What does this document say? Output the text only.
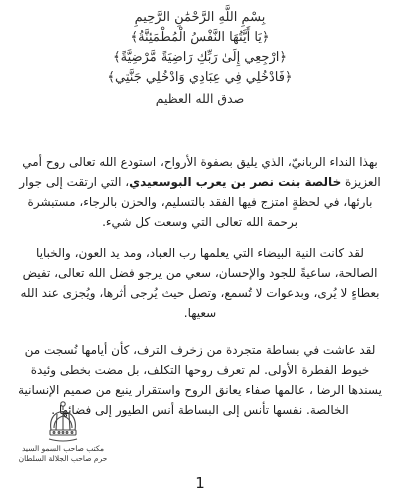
بِسْمِ اللَّهِ الرَّحْمَٰنِ الرَّحِيمِ
﴿يَا أَيَّتُهَا النَّفْسُ الْمُطْمَئِنَّةُ﴾
﴿ارْجِعِي إِلَىٰ رَبِّكِ رَاضِيَةً مَّرْضِيَّةً﴾
﴿فَادْخُلِي فِي عِبَادِي وَادْخُلِي جَنَّتِي﴾
صدق الله العظيم

بهذا النداء الربانيّ، الذي يليق بصفوة الأرواح، استودع الله تعالى روح أمي العزيزة خالصة بنت نصر بن يعرب البوسعيدي، التي ارتقت إلى جوار بارئها، في لحظةٍ امتزج فيها الفقد بالتسليم، والحزن بالرجاء، مستبشرة برحمة الله تعالى التي وسعت كل شيء.

لقد كانت النية البيضاء التي يعلمها رب العباد، ومد يد العون، والخبايا الصالحة، ساعيةً للجود والإحسان، سعي من يرجو فضل الله تعالى، تفيض بعطاءٍ لا يُرى، وبدعوات لا تُسمع، وتصل حيث يُرجى أثرها، ويُجزى عند الله سعيها.

لقد عاشت في بساطة متجردة من زخرف الترف، كأن أيامها نُسجت من خيوط الفطرة الأولى. لم تعرف روحها التكلف، بل مضت بخطى وئيدة يسندها الرضا ، عالمها صفاء يعانق الروح واستقرار ينبع من صميم الإنسانية الخالصة. نفسها تأنس إلى البساطة أنس الطيور إلى فضائها .

مكتب صاحب السمو السيد
حرم صاحب الجلالة السلطان
1
